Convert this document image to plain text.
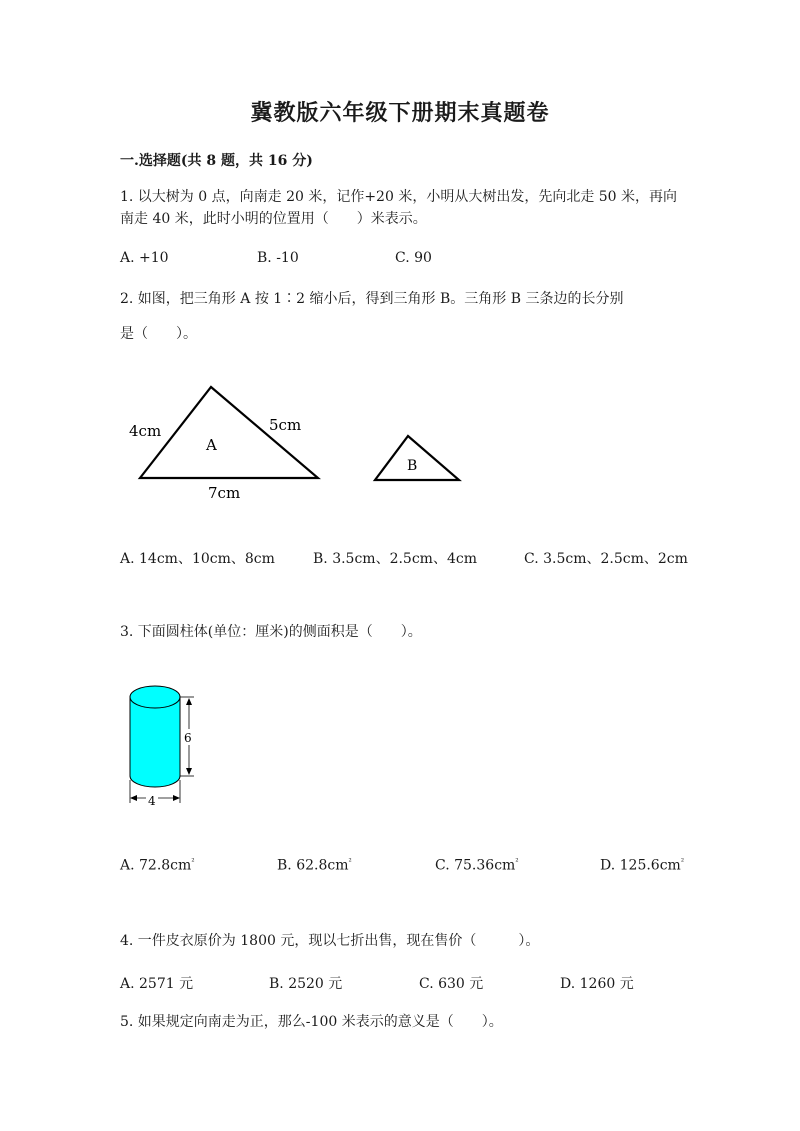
冀教版六年级下册期末真题卷
一.选择题(共 8 题，共 16 分)
1. 以大树为 0 点，向南走 20 米，记作+20 米，小明从大树出发，先向北走 50 米，再向南走 40 米，此时小明的位置用（　　）米表示。
A. +10	B. -10	C. 90
2. 如图，把三角形 A 按 1∶2 缩小后，得到三角形 B。三角形 B 三条边的长分别
是（　　）。
4cm	5cm
7cm
A
B
6
4
A. 14cm、10cm、8cm	B. 3.5cm、2.5cm、4cm	C. 3.5cm、2.5cm、2cm
3. 下面圆柱体(单位：厘米)的侧面积是（　　）。
A. $72.8cm^{^2}$	B. $62.8cm^{^2}$	C. $75.36cm^{^2}$	D. $125.6cm^{^2}$
4. 一件皮衣原价为 1800 元，现以七折出售，现在售价（　　　）。
A. 2571 元	B. 2520 元	C. 630 元	D. 1260 元
5. 如果规定向南走为正，那么-100 米表示的意义是（　　）。
